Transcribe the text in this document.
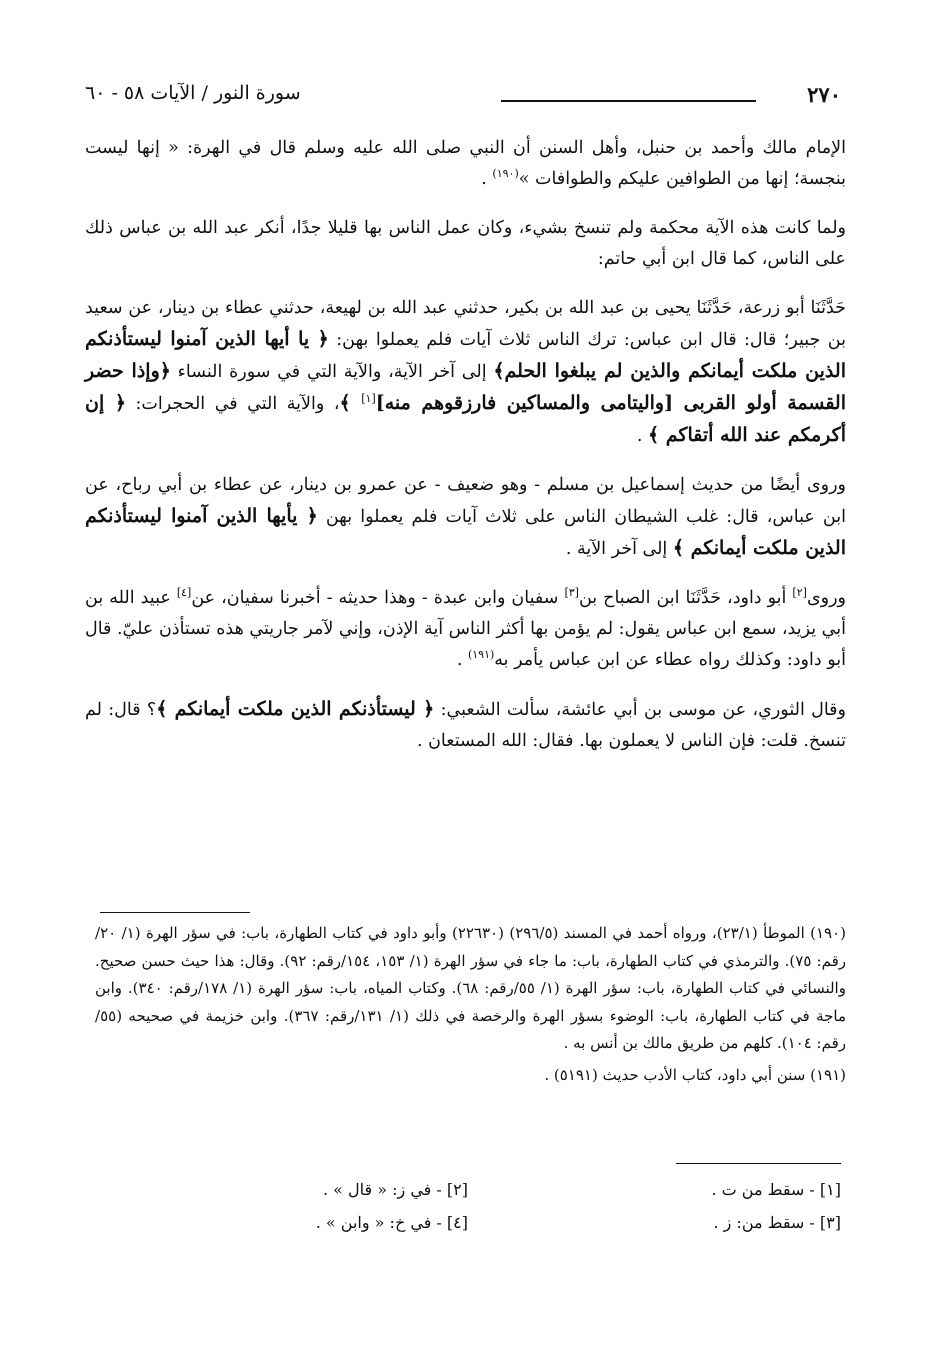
٢٧٠
سورة النور / الآيات ٥٨ - ٦٠

الإمام مالك وأحمد بن حنبل، وأهل السنن أن النبي صلى الله عليه وسلم قال في الهرة: « إنها ليست بنجسة؛ إنها من الطوافين عليكم والطوافات »$^{(١٩٠)}$ .

ولما كانت هذه الآية محكمة ولم تنسخ بشيء، وكان عمل الناس بها قليلا جدًا، أنكر عبد الله بن عباس ذلك على الناس، كما قال ابن أبي حاتم:

حَدَّثَنَا أبو زرعة، حَدَّثَنَا يحيى بن عبد الله بن بكير، حدثني عبد الله بن لهيعة، حدثني عطاء بن دينار، عن سعيد بن جبير؛ قال: قال ابن عباس: ترك الناس ثلاث آيات فلم يعملوا بهن: ﴿ يا أيها الذين آمنوا ليستأذنكم الذين ملكت أيمانكم والذين لم يبلغوا الحلم﴾ إلى آخر الآية، والآية التي في سورة النساء ﴿وإذا حضر القسمة أولو القربى [واليتامى والمساكين فارزقوهم منه][١] ﴾، والآية التي في الحجرات: ﴿ إن أكرمكم عند الله أتقاكم ﴾ .

وروى أيضًا من حديث إسماعيل بن مسلم - وهو ضعيف - عن عمرو بن دينار، عن عطاء بن أبي رباح، عن ابن عباس، قال: غلب الشيطان الناس على ثلاث آيات فلم يعملوا بهن ﴿ يأيها الذين آمنوا ليستأذنكم الذين ملكت أيمانكم ﴾ إلى آخر الآية .

وروى[٢] أبو داود، حَدَّثَنَا ابن الصباح بن[٣] سفيان وابن عبدة - وهذا حديثه - أخبرنا سفيان، عن[٤] عبيد الله بن أبي يزيد، سمع ابن عباس يقول: لم يؤمن بها أكثر الناس آية الإذن، وإني لآمر جاريتي هذه تستأذن عليّ. قال أبو داود: وكذلك رواه عطاء عن ابن عباس يأمر به$^{(١٩١)}$ .

وقال الثوري، عن موسى بن أبي عائشة، سألت الشعبي: ﴿ ليستأذنكم الذين ملكت أيمانكم ﴾؟ قال: لم تنسخ. قلت: فإن الناس لا يعملون بها. فقال: الله المستعان .

(١٩٠) الموطأ (٢٣/١)، ورواه أحمد في المسند (٢٩٦/٥) (٢٢٦٣٠) وأبو داود في كتاب الطهارة، باب: في سؤر الهرة (١/ ٢٠/رقم: ٧٥). والترمذي في كتاب الطهارة، باب: ما جاء في سؤر الهرة (١/ ١٥٣، ١٥٤/رقم: ٩٢). وقال: هذا حيث حسن صحيح. والنسائي في كتاب الطهارة، باب: سؤر الهرة (١/ ٥٥/رقم: ٦٨). وكتاب المياه، باب: سؤر الهرة (١/ ١٧٨/رقم: ٣٤٠). وابن ماجة في كتاب الطهارة، باب: الوضوء بسؤر الهرة والرخصة في ذلك (١/ ١٣١/رقم: ٣٦٧). وابن خزيمة في صحيحه (٥٥/رقم: ١٠٤). كلهم من طريق مالك بن أنس به .

(١٩١) سنن أبي داود، كتاب الأدب حديث (٥١٩١) .

[١] - سقط من ت .
[٢] - في ز: « قال » .
[٣] - سقط من: ز .
[٤] - في خ: « وابن » .
